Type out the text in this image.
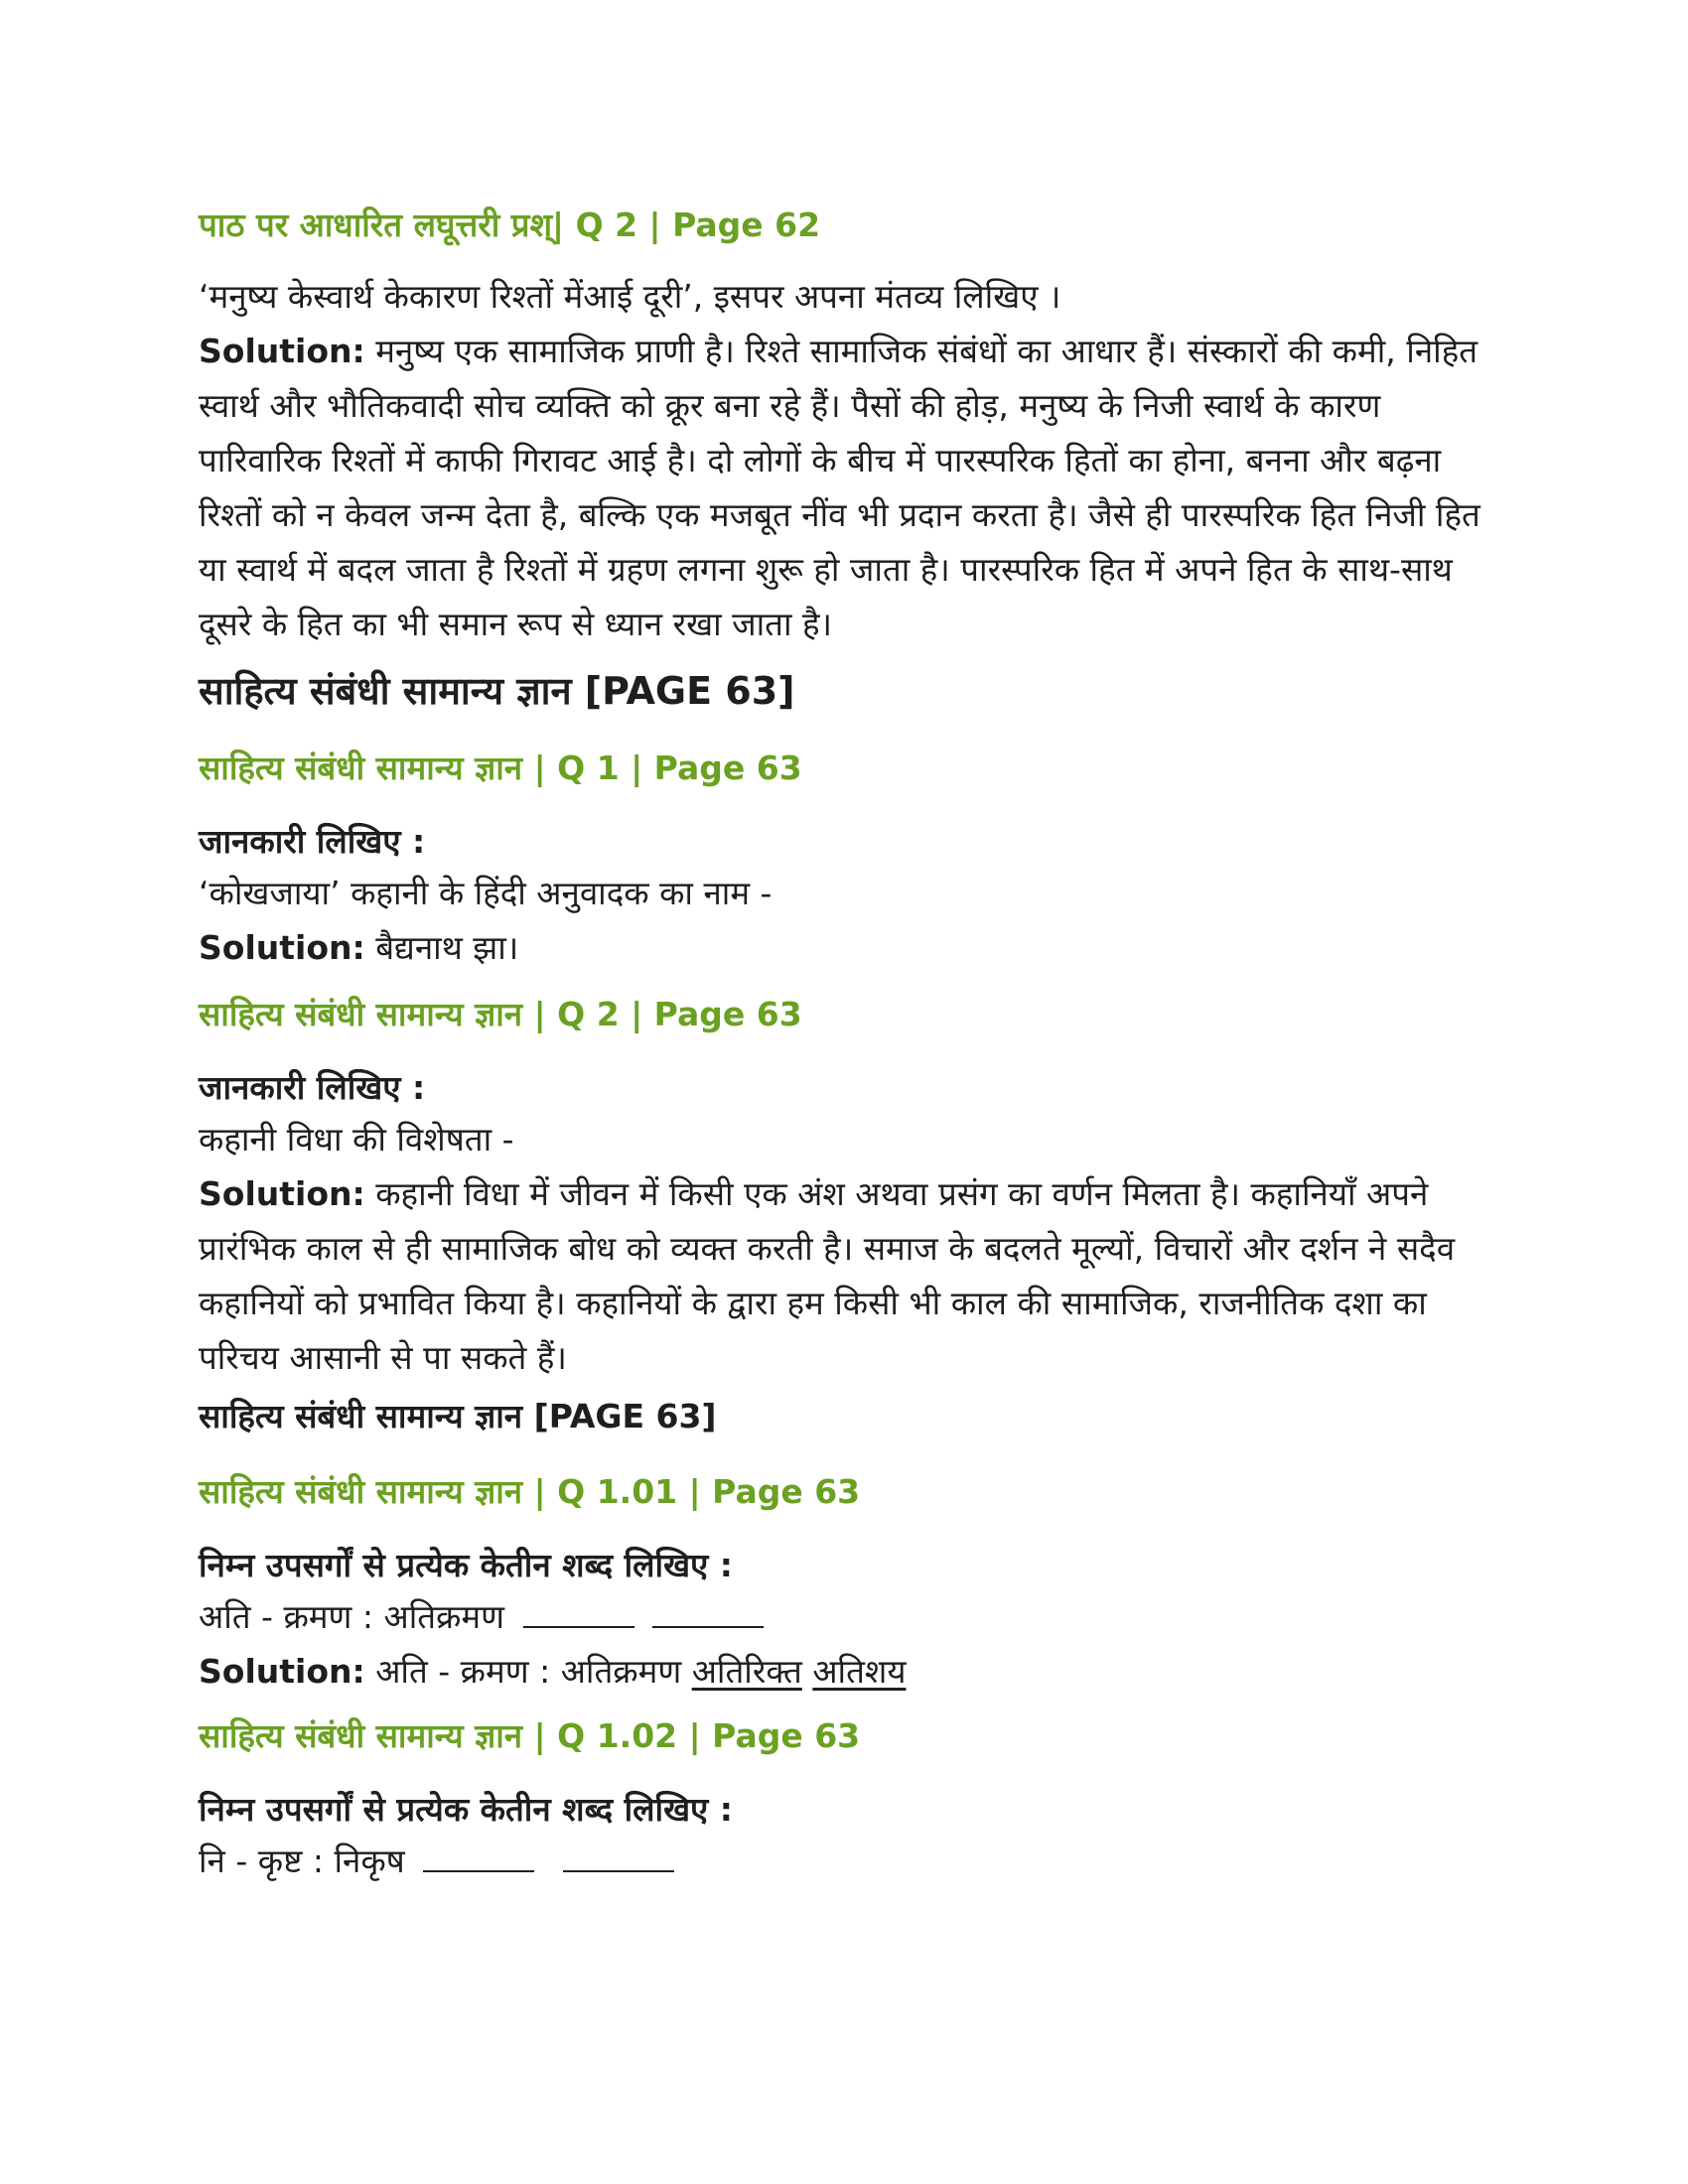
पाठ पर आधारित लघूत्तरी प्रश्| Q 2 | Page 62

‘मनुष्य केस्वार्थ केकारण रिश्तों मेंआई दूरी’, इसपर अपना मंतव्य लिखिए ।

Solution: मनुष्य एक सामाजिक प्राणी है। रिश्ते सामाजिक संबंधों का आधार हैं। संस्कारों की कमी, निहित स्वार्थ और भौतिकवादी सोच व्यक्ति को क्रूर बना रहे हैं। पैसों की होड़, मनुष्य के निजी स्वार्थ के कारण पारिवारिक रिश्तों में काफी गिरावट आई है। दो लोगों के बीच में पारस्परिक हितों का होना, बनना और बढ़ना रिश्तों को न केवल जन्म देता है, बल्कि एक मजबूत नींव भी प्रदान करता है। जैसे ही पारस्परिक हित निजी हित या स्वार्थ में बदल जाता है रिश्तों में ग्रहण लगना शुरू हो जाता है। पारस्परिक हित में अपने हित के साथ-साथ दूसरे के हित का भी समान रूप से ध्यान रखा जाता है।

साहित्य संबंधी सामान्य ज्ञान [PAGE 63]

साहित्य संबंधी सामान्य ज्ञान | Q 1 | Page 63

जानकारी लिखिए :

‘कोखजाया’ कहानी के हिंदी अनुवादक का नाम -

Solution: बैद्यनाथ झा।

साहित्य संबंधी सामान्य ज्ञान | Q 2 | Page 63

जानकारी लिखिए :

कहानी विधा की विशेषता -

Solution: कहानी विधा में जीवन में किसी एक अंश अथवा प्रसंग का वर्णन मिलता है। कहानियाँ अपने प्रारंभिक काल से ही सामाजिक बोध को व्यक्त करती है। समाज के बदलते मूल्यों, विचारों और दर्शन ने सदैव कहानियों को प्रभावित किया है। कहानियों के द्वारा हम किसी भी काल की सामाजिक, राजनीतिक दशा का परिचय आसानी से पा सकते हैं।

साहित्य संबंधी सामान्य ज्ञान [PAGE 63]

साहित्य संबंधी सामान्य ज्ञान | Q 1.01 | Page 63

निम्न उपसर्गों से प्रत्येक केतीन शब्द लिखिए :

अति - क्रमण : अतिक्रमण

Solution: अति - क्रमण : अतिक्रमण अतिरिक्त अतिशय

साहित्य संबंधी सामान्य ज्ञान | Q 1.02 | Page 63

निम्न उपसर्गों से प्रत्येक केतीन शब्द लिखिए :

नि - कृष्ट : निकृष
